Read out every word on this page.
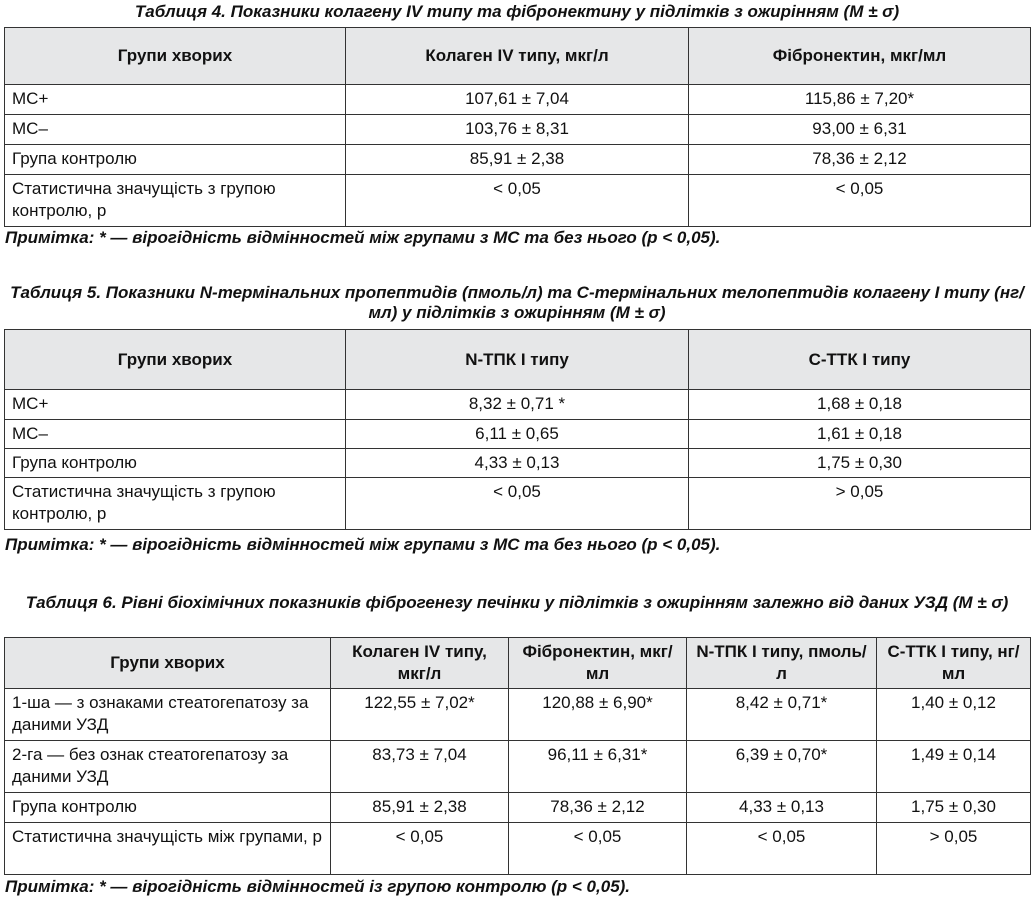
Таблиця 4. Показники колагену IV типу та фібронектину у підлітків з ожирінням (M ± σ)

Групи хворих	Колаген IV типу, мкг/л	Фібронектин, мкг/мл
МС+	107,61 ± 7,04	115,86 ± 7,20*
МС–	103,76 ± 8,31	93,00 ± 6,31
Група контролю	85,91 ± 2,38	78,36 ± 2,12
Статистична значущість з групою контролю, p	< 0,05	< 0,05

Примітка: * — вірогідність відмінностей між групами з МС та без нього (p < 0,05).

Таблиця 5. Показники N-термінальних пропептидів (пмоль/л) та С-термінальних телопептидів колагену I типу (нг/мл) у підлітків з ожирінням (M ± σ)

Групи хворих	N-ТПК I типу	С-ТТК I типу
МС+	8,32 ± 0,71 *	1,68 ± 0,18
МС–	6,11 ± 0,65	1,61 ± 0,18
Група контролю	4,33 ± 0,13	1,75 ± 0,30
Статистична значущість з групою контролю, p	< 0,05	> 0,05

Примітка: * — вірогідність відмінностей між групами з МС та без нього (p < 0,05).

Таблиця 6. Рівні біохімічних показників фіброгенезу печінки у підлітків з ожирінням залежно від даних УЗД (M ± σ)

Групи хворих	Колаген IV типу, мкг/л	Фібронектин, мкг/мл	N-ТПК I типу, пмоль/л	С-ТТК I типу, нг/мл
1-ша — з ознаками стеатогепатозу за даними УЗД	122,55 ± 7,02*	120,88 ± 6,90*	8,42 ± 0,71*	1,40 ± 0,12
2-га — без ознак стеатогепатозу за даними УЗД	83,73 ± 7,04	96,11 ± 6,31*	6,39 ± 0,70*	1,49 ± 0,14
Група контролю	85,91 ± 2,38	78,36 ± 2,12	4,33 ± 0,13	1,75 ± 0,30
Статистична значущість між групами, p	< 0,05	< 0,05	< 0,05	> 0,05

Примітка: * — вірогідність відмінностей із групою контролю (p < 0,05).
